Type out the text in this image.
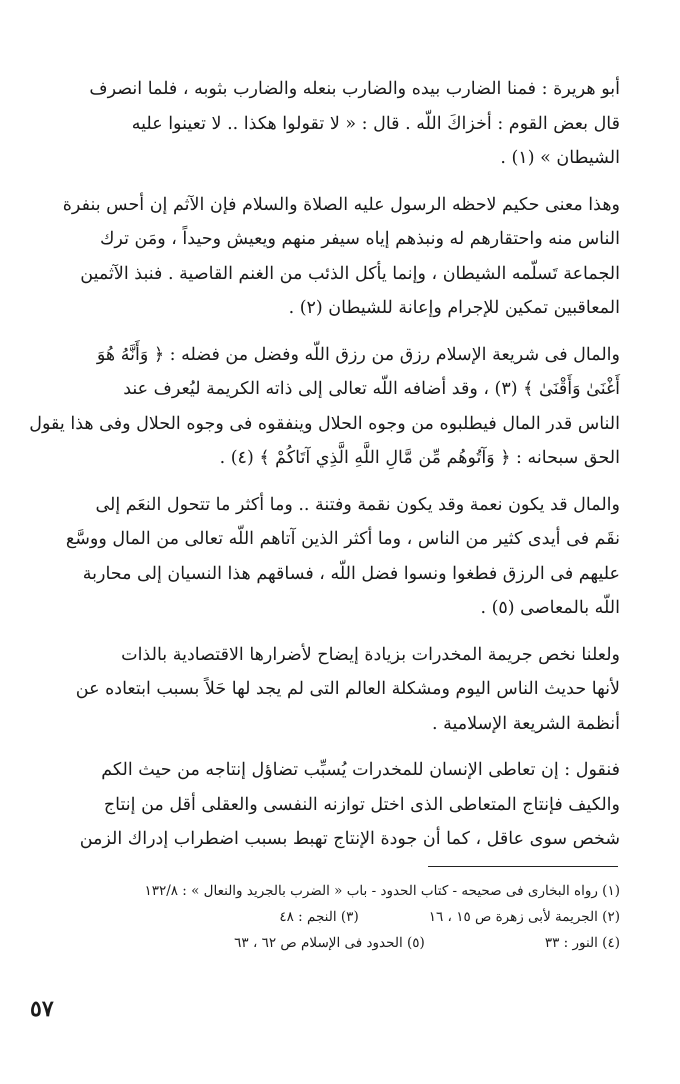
أبو هريرة : فمنا الضارب بيده والضارب بنعله والضارب بثوبه ، فلما انصرف
قال بعض القوم : أخزاكَ اللّه . قال : « لا تقولوا هكذا .. لا تعينوا عليه
الشيطان » (١) .

وهذا معنى حكيم لاحظه الرسول عليه الصلاة والسلام فإن الآثم إن أحس بنفرة
الناس منه واحتقارهم له ونبذهم إياه سيفر منهم ويعيش وحيداً ، ومَن ترك
الجماعة تَسلّمه الشيطان ، وإنما يأكل الذئب من الغنم القاصية . فنبذ الآثمين
المعاقبين تمكين للإجرام وإعانة للشيطان (٢) .

والمال فى شريعة الإسلام رزق من رزق اللّه وفضل من فضله : ﴿ وَأَنَّهُ هُوَ
أَغْنَىٰ وَأَقْنَىٰ ﴾ (٣) ، وقد أضافه اللّه تعالى إلى ذاته الكريمة ليُعرف عند
الناس قدر المال فيطلبوه من وجوه الحلال وينفقوه فى وجوه الحلال وفى هذا يقول
الحق سبحانه : ﴿ وَآتُوهُم مِّن مَّالِ اللَّهِ الَّذِي آتَاكُمْ ﴾ (٤) .

والمال قد يكون نعمة وقد يكون نقمة وفتنة .. وما أكثر ما تتحول النعَم إلى
نقَم فى أيدى كثير من الناس ، وما أكثر الذين آتاهم اللّه تعالى من المال ووسَّع
عليهم فى الرزق فطغوا ونسوا فضل اللّه ، فساقهم هذا النسيان إلى محاربة
اللّه بالمعاصى (٥) .

ولعلنا نخص جريمة المخدرات بزيادة إيضاح لأضرارها الاقتصادية بالذات
لأنها حديث الناس اليوم ومشكلة العالم التى لم يجد لها حَلاً بسبب ابتعاده عن
أنظمة الشريعة الإسلامية .

فنقول : إن تعاطى الإنسان للمخدرات يُسبِّب تضاؤل إنتاجه من حيث الكم
والكيف فإنتاج المتعاطى الذى اختل توازنه النفسى والعقلى أقل من إنتاج
شخص سوى عاقل ، كما أن جودة الإنتاج تهبط بسبب اضطراب إدراك الزمن

(١) رواه البخارى فى صحيحه - كتاب الحدود - باب « الضرب بالجريد والنعال » : ١٣٢/٨
(٢) الجريمة لأبى زهرة ص ١٥ ، ١٦
(٣) النجم : ٤٨
(٤) النور : ٣٣
(٥) الحدود فى الإسلام ص ٦٢ ، ٦٣
٥٧
